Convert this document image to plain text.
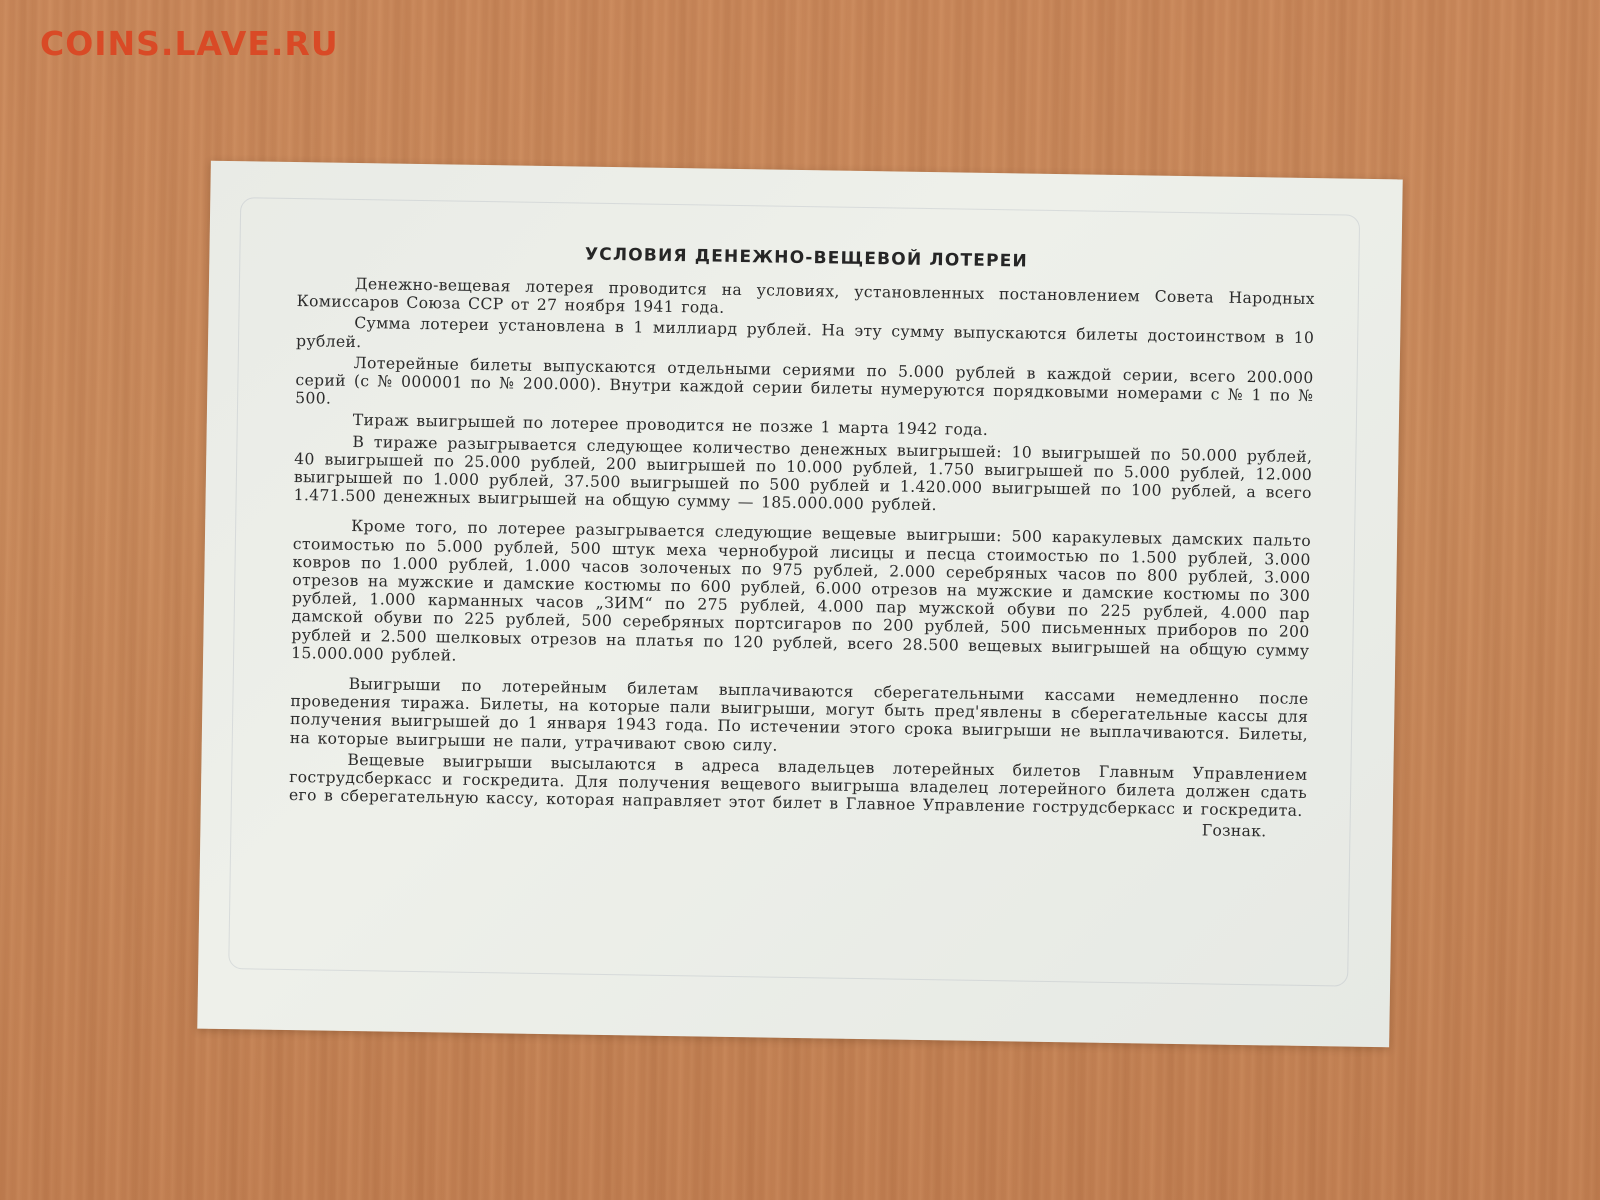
COINS.LAVE.RU
УСЛОВИЯ ДЕНЕЖНО-ВЕЩЕВОЙ ЛОТЕРЕИ

Денежно-вещевая лотерея проводится на условиях, установленных постановлением Совета Народных Комиссаров Союза ССР от 27 ноября 1941 года.

Сумма лотереи установлена в 1 миллиард рублей. На эту сумму выпускаются билеты достоинством в 10 рублей.

Лотерейные билеты выпускаются отдельными сериями по 5.000 рублей в каждой серии, всего 200.000 серий (с № 000001 по № 200.000). Внутри каждой серии билеты нумеруются порядковыми номерами с № 1 по № 500.

Тираж выигрышей по лотерее проводится не позже 1 марта 1942 года.

В тираже разыгрывается следующее количество денежных выигрышей: 10 выигрышей по 50.000 рублей, 40 выигрышей по 25.000 рублей, 200 выигрышей по 10.000 рублей, 1.750 выигрышей по 5.000 рублей, 12.000 выигрышей по 1.000 рублей, 37.500 выигрышей по 500 рублей и 1.420.000 выигрышей по 100 рублей, а всего 1.471.500 денежных выигрышей на общую сумму — 185.000.000 рублей.

Кроме того, по лотерее разыгрывается следующие вещевые выигрыши: 500 каракулевых дамских пальто стоимостью по 5.000 рублей, 500 штук меха чернобурой лисицы и песца стоимостью по 1.500 рублей, 3.000 ковров по 1.000 рублей, 1.000 часов золоченых по 975 рублей, 2.000 серебряных часов по 800 рублей, 3.000 отрезов на мужские и дамские костюмы по 600 рублей, 6.000 отрезов на мужские и дамские костюмы по 300 рублей, 1.000 карманных часов „ЗИМ“ по 275 рублей, 4.000 пар мужской обуви по 225 рублей, 4.000 пар дамской обуви по 225 рублей, 500 серебряных портсигаров по 200 рублей, 500 письменных приборов по 200 рублей и 2.500 шелковых отрезов на платья по 120 рублей, всего 28.500 вещевых выигрышей на общую сумму 15.000.000 рублей.

Выигрыши по лотерейным билетам выплачиваются сберегательными кассами немедленно после проведения тиража. Билеты, на которые пали выигрыши, могут быть пред'явлены в сберегательные кассы для получения выигрышей до 1 января 1943 года. По истечении этого срока выигрыши не выплачиваются. Билеты, на которые выигрыши не пали, утрачивают свою силу.

Вещевые выигрыши высылаются в адреса владельцев лотерейных билетов Главным Управлением гострудсберкасс и госкредита. Для получения вещевого выигрыша владелец лотерейного билета должен сдать его в сберегательную кассу, которая направляет этот билет в Главное Управление гострудсберкасс и госкредита.

Гознак.
